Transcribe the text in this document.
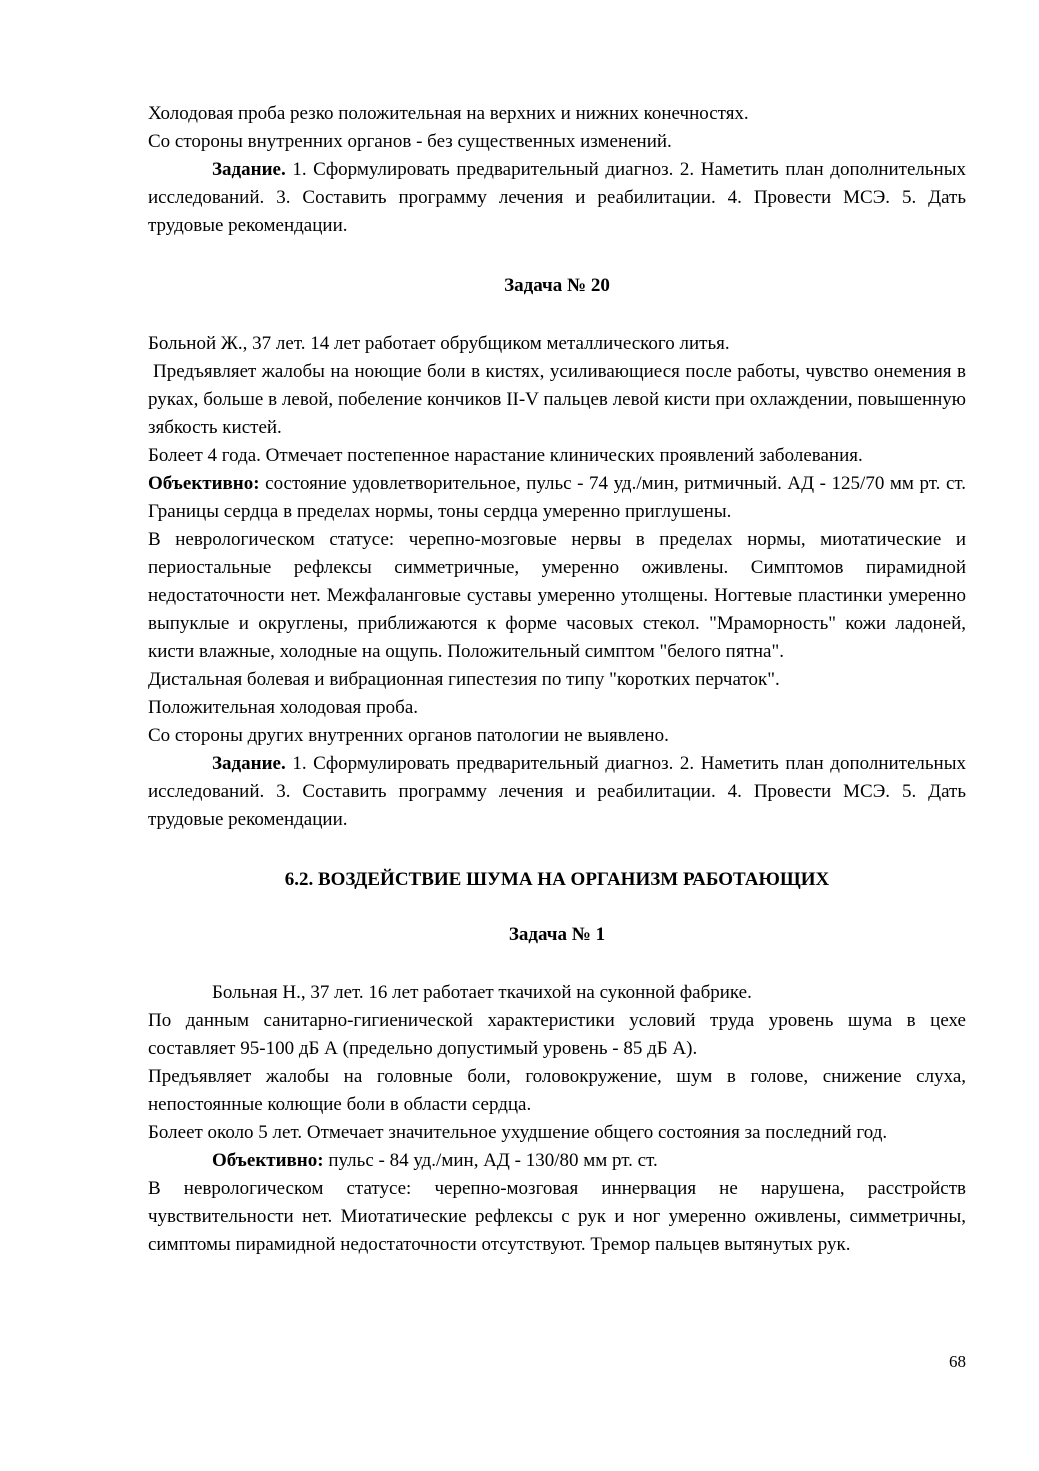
Холодовая проба резко положительная на верхних и нижних конечностях.

Со стороны внутренних органов - без существенных изменений.

Задание. 1. Сформулировать предварительный диагноз. 2. Наметить план дополнительных исследований. 3. Составить программу лечения и реабилитации. 4. Провести МСЭ. 5. Дать трудовые рекомендации.

Задача № 20

Больной Ж., 37 лет. 14 лет работает обрубщиком металлического литья.

Предъявляет жалобы на ноющие боли в кистях, усиливающиеся после работы, чувство онемения в руках, больше в левой, побеление кончиков II-V пальцев левой кисти при охлаждении, повышенную зябкость кистей.

Болеет 4 года. Отмечает постепенное нарастание клинических проявлений заболевания.

Объективно: состояние удовлетворительное, пульс - 74 уд./мин, ритмичный. АД - 125/70 мм рт. ст. Границы сердца в пределах нормы, тоны сердца умеренно приглушены.

В неврологическом статусе: черепно-мозговые нервы в пределах нормы, миотатические и периостальные рефлексы симметричные, умеренно оживлены. Симптомов пирамидной недостаточности нет. Межфаланговые суставы умеренно утолщены. Ногтевые пластинки умеренно выпуклые и округлены, приближаются к форме часовых стекол. "Мраморность" кожи ладоней, кисти влажные, холодные на ощупь. Положительный симптом "белого пятна".

Дистальная болевая и вибрационная гипестезия по типу "коротких перчаток".

Положительная холодовая проба.

Со стороны других внутренних органов патологии не выявлено.

Задание. 1. Сформулировать предварительный диагноз. 2. Наметить план дополнительных исследований. 3. Составить программу лечения и реабилитации. 4. Провести МСЭ. 5. Дать трудовые рекомендации.

6.2. ВОЗДЕЙСТВИЕ ШУМА НА ОРГАНИЗМ РАБОТАЮЩИХ

Задача № 1

Больная Н., 37 лет. 16 лет работает ткачихой на суконной фабрике.

По данным санитарно-гигиенической характеристики условий труда уровень шума в цехе составляет 95-100 дБ А (предельно допустимый уровень - 85 дБ А).

Предъявляет жалобы на головные боли, головокружение, шум в голове, снижение слуха, непостоянные колющие боли в области сердца.

Болеет около 5 лет. Отмечает значительное ухудшение общего состояния за последний год.

Объективно: пульс - 84 уд./мин, АД - 130/80 мм рт. ст.

В неврологическом статусе: черепно-мозговая иннервация не нарушена, расстройств чувствительности нет. Миотатические рефлексы с рук и ног умеренно оживлены, симметричны, симптомы пирамидной недостаточности отсутствуют. Тремор пальцев вытянутых рук.

68
